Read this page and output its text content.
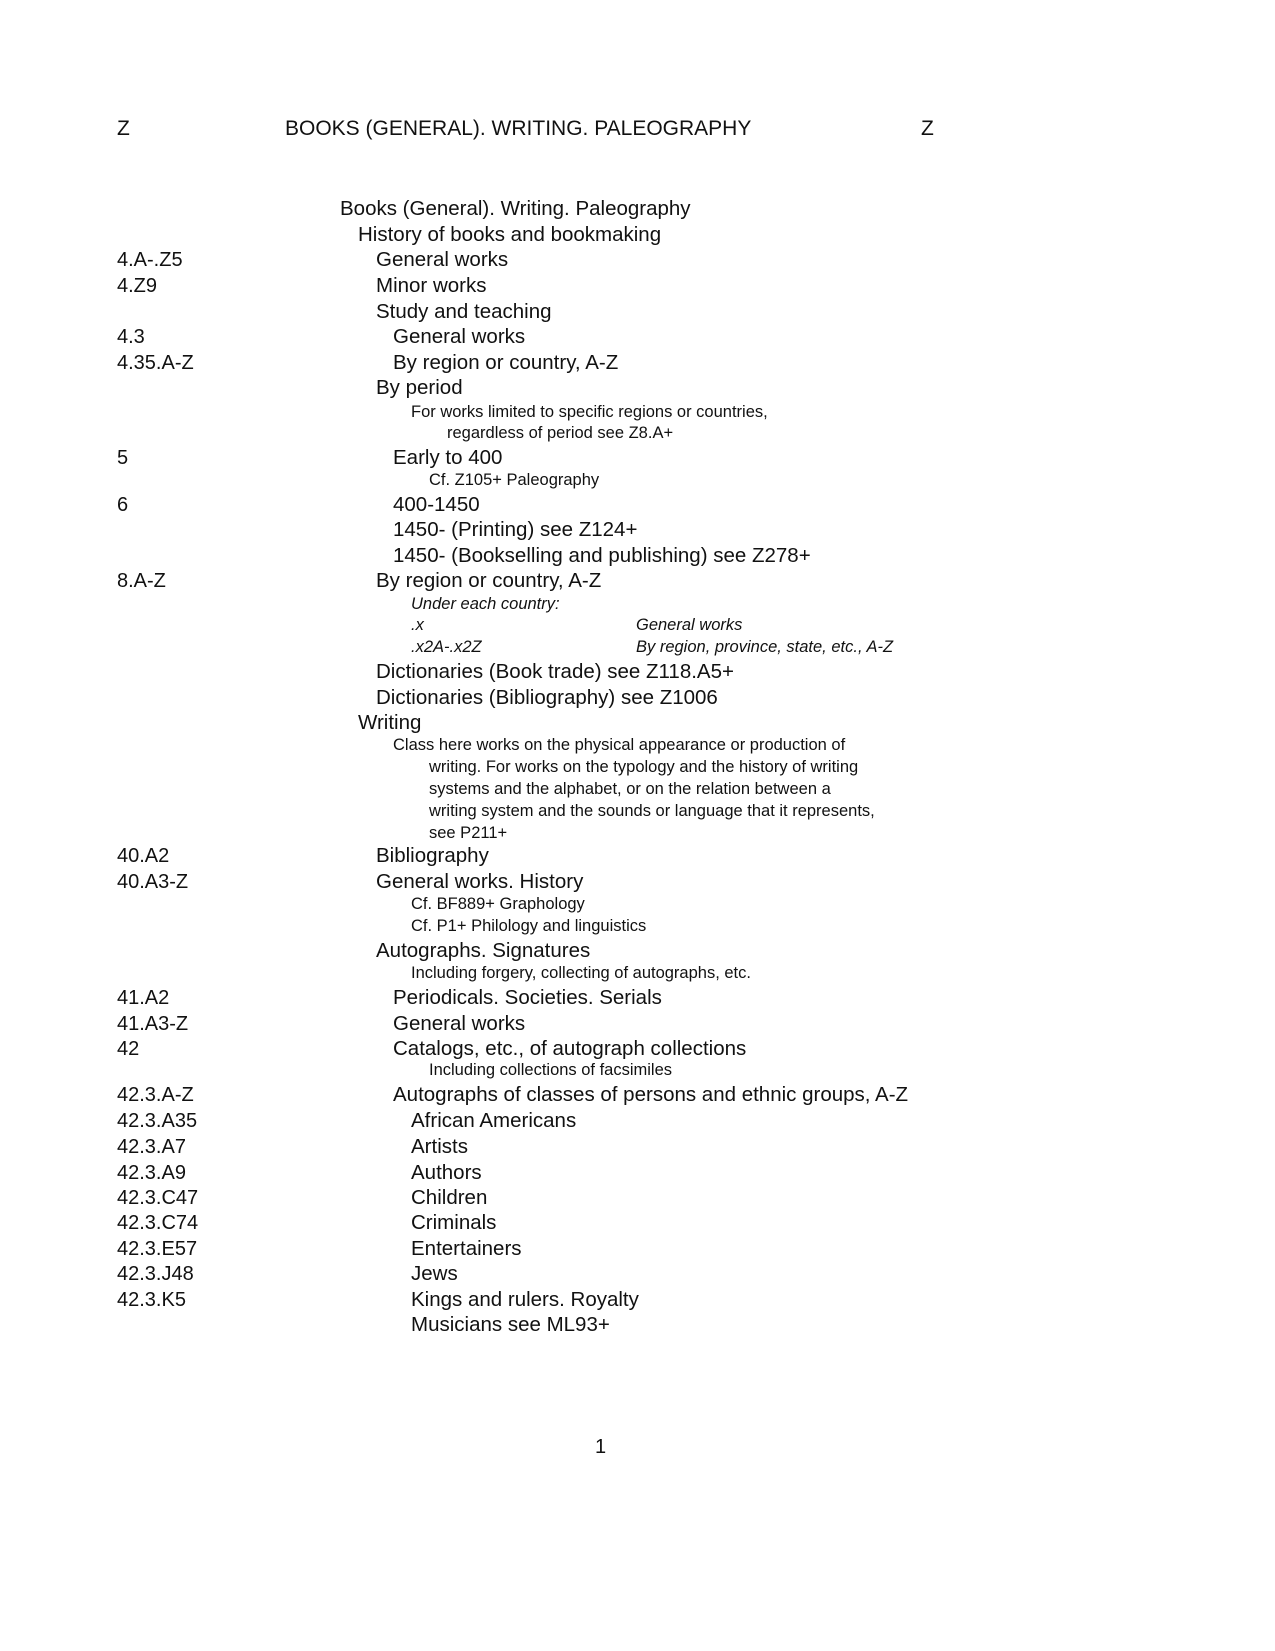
Z	BOOKS (GENERAL). WRITING. PALEOGRAPHY	Z
Books (General). Writing. Paleography
History of books and bookmaking
4.A-.Z5	General works
4.Z9	Minor works
Study and teaching
4.3	General works
4.35.A-Z	By region or country, A-Z
By period
For works limited to specific regions or countries,
regardless of period see Z8.A+
5	Early to 400
Cf. Z105+ Paleography
6	400-1450
1450- (Printing) see Z124+
1450- (Bookselling and publishing) see Z278+
8.A-Z	By region or country, A-Z
Under each country:
.x	General works
.x2A-.x2Z	By region, province, state, etc., A-Z
Dictionaries (Book trade) see Z118.A5+
Dictionaries (Bibliography) see Z1006
Writing
Class here works on the physical appearance or production of
writing. For works on the typology and the history of writing
systems and the alphabet, or on the relation between a
writing system and the sounds or language that it represents,
see P211+
40.A2	Bibliography
40.A3-Z	General works. History
Cf. BF889+ Graphology
Cf. P1+ Philology and linguistics
Autographs. Signatures
Including forgery, collecting of autographs, etc.
41.A2	Periodicals. Societies. Serials
41.A3-Z	General works
42	Catalogs, etc., of autograph collections
Including collections of facsimiles
42.3.A-Z	Autographs of classes of persons and ethnic groups, A-Z
42.3.A35	African Americans
42.3.A7	Artists
42.3.A9	Authors
42.3.C47	Children
42.3.C74	Criminals
42.3.E57	Entertainers
42.3.J48	Jews
42.3.K5	Kings and rulers. Royalty
Musicians see ML93+
1
